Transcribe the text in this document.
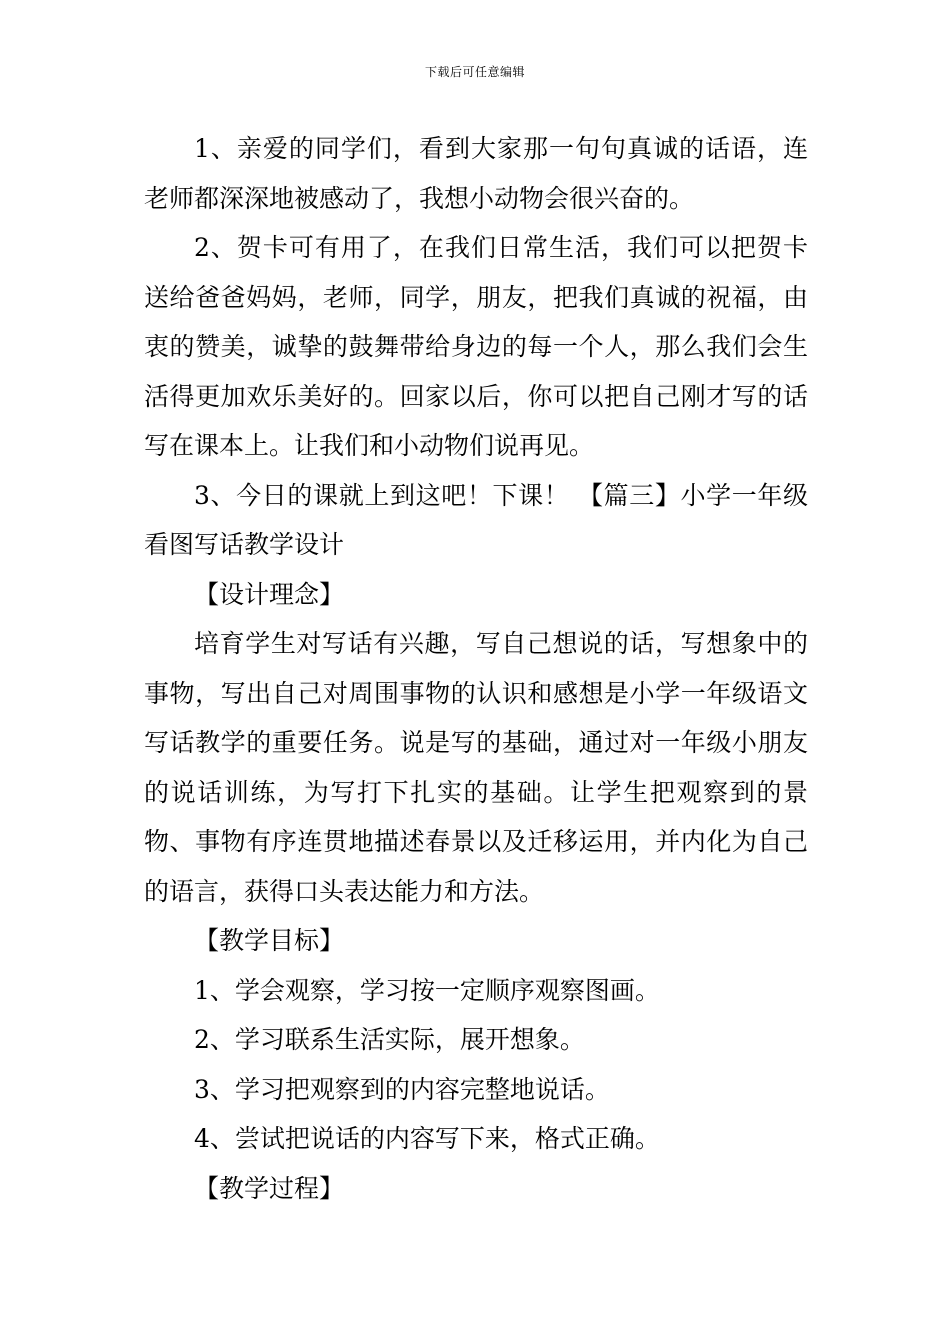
下载后可任意编辑

1、亲爱的同学们，看到大家那一句句真诚的话语，连老师都深深地被感动了，我想小动物会很兴奋的。

2、贺卡可有用了，在我们日常生活，我们可以把贺卡送给爸爸妈妈，老师，同学，朋友，把我们真诚的祝福，由衷的赞美，诚挚的鼓舞带给身边的每一个人，那么我们会生活得更加欢乐美好的。回家以后，你可以把自己刚才写的话写在课本上。让我们和小动物们说再见。

3、今日的课就上到这吧！下课！ 【篇三】小学一年级看图写话教学设计

【设计理念】

培育学生对写话有兴趣，写自己想说的话，写想象中的事物，写出自己对周围事物的认识和感想是小学一年级语文写话教学的重要任务。说是写的基础，通过对一年级小朋友的说话训练，为写打下扎实的基础。让学生把观察到的景物、事物有序连贯地描述春景以及迁移运用，并内化为自己的语言，获得口头表达能力和方法。

【教学目标】

1、学会观察，学习按一定顺序观察图画。

2、学习联系生活实际，展开想象。

3、学习把观察到的内容完整地说话。

4、尝试把说话的内容写下来，格式正确。

【教学过程】
